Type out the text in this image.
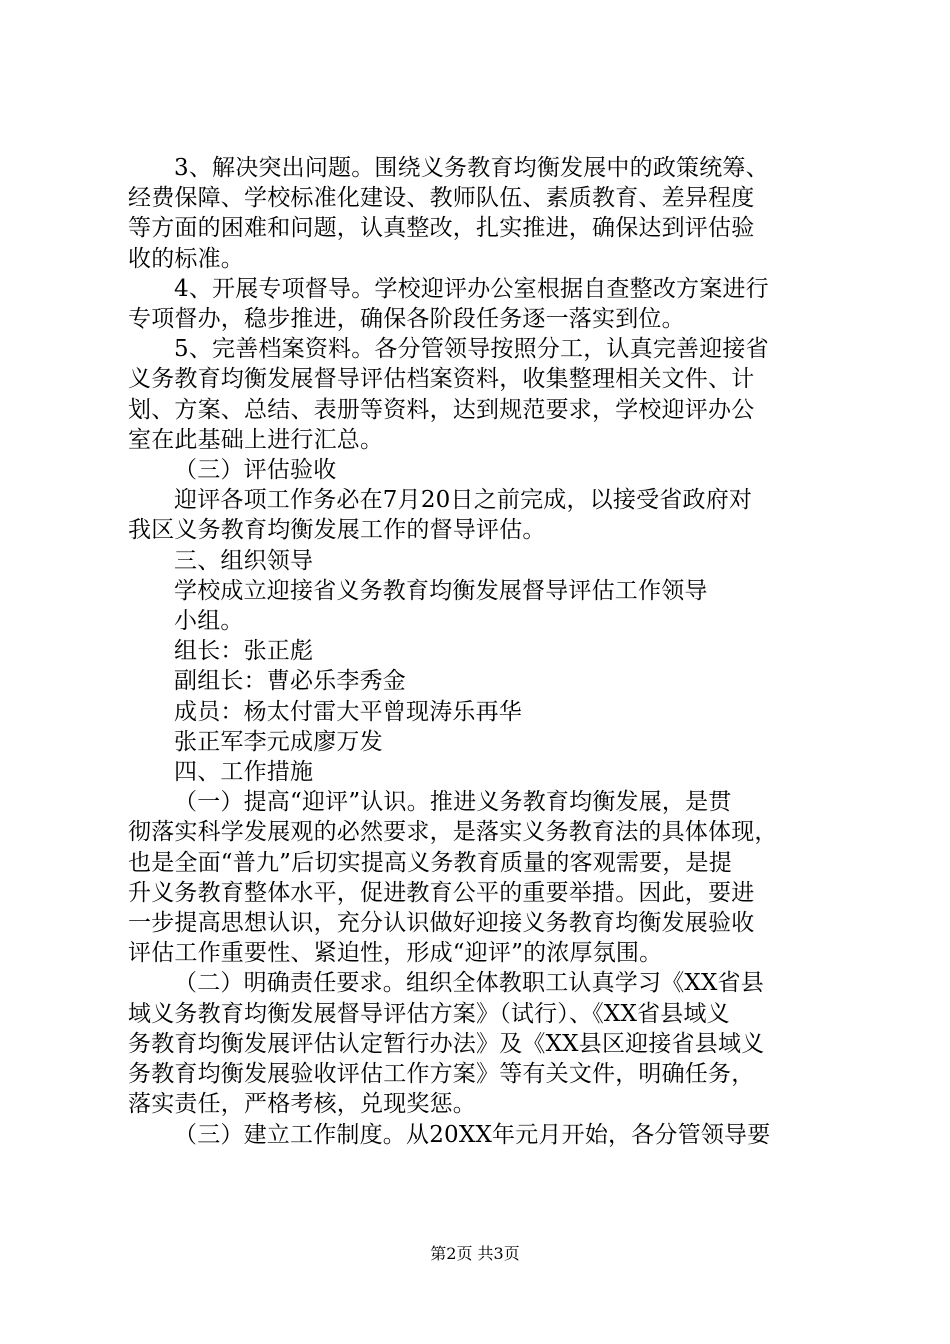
3、解决突出问题。围绕义务教育均衡发展中的政策统筹、
经费保障、学校标准化建设、教师队伍、素质教育、差异程度
等方面的困难和问题，认真整改，扎实推进，确保达到评估验
收的标准。

4、开展专项督导。学校迎评办公室根据自查整改方案进行
专项督办，稳步推进，确保各阶段任务逐一落实到位。

5、完善档案资料。各分管领导按照分工，认真完善迎接省
义务教育均衡发展督导评估档案资料，收集整理相关文件、计
划、方案、总结、表册等资料，达到规范要求，学校迎评办公
室在此基础上进行汇总。

（三）评估验收

迎评各项工作务必在7月20日之前完成，以接受省政府对
我区义务教育均衡发展工作的督导评估。

三、组织领导

学校成立迎接省义务教育均衡发展督导评估工作领导
小组。
组长：张正彪
副组长：曹必乐李秀金
成员：杨太付雷大平曾现涛乐再华
张正军李元成廖万发

四、工作措施

（一）提高“迎评”认识。推进义务教育均衡发展，是贯
彻落实科学发展观的必然要求，是落实义务教育法的具体体现，
也是全面“普九”后切实提高义务教育质量的客观需要，是提
升义务教育整体水平，促进教育公平的重要举措。因此，要进
一步提高思想认识，充分认识做好迎接义务教育均衡发展验收
评估工作重要性、紧迫性，形成“迎评”的浓厚氛围。

（二）明确责任要求。组织全体教职工认真学习《XX省县
域义务教育均衡发展督导评估方案》（试行）、《XX省县域义
务教育均衡发展评估认定暂行办法》及《XX县区迎接省县域义
务教育均衡发展验收评估工作方案》等有关文件，明确任务，
落实责任，严格考核，兑现奖惩。

（三）建立工作制度。从20XX年元月开始，各分管领导要

第2页 共3页
